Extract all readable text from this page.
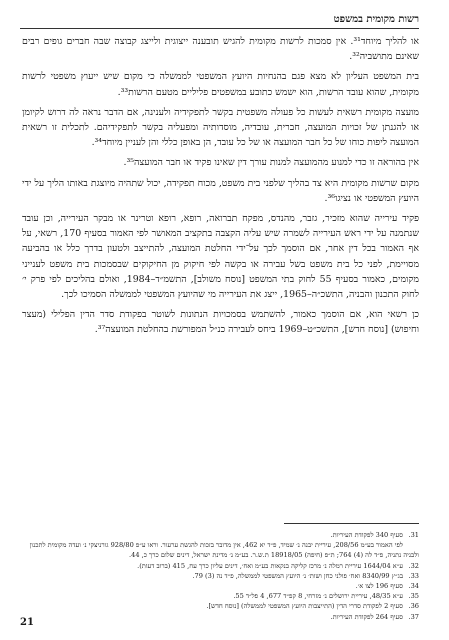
רשות מקומית במשפט

או להליך מיוחד³¹. אין סמכות לרשות מקומית להגיש תובענה ייצוגית ולייצג קבוצה שבה חברים גופים רבים שאינם מתושביה³².

בית המשפט העליון לא מצא פגם בהנחיות היועץ המשפטי לממשלה כי מקום שיש ייעוץ משפטי לרשות מקומית, שהוא עובד הרשות, הוא ישמש כתובע במשפטים פליליים מטעם הרשות³³.

מועצה מקומית רשאית לעשות כל פעולה משפטית בקשר לתפקידיה ולענינה, אם הדבר נראה לה דרוש לקיומן או להגנתן של זכויות המועצה, חברית, עובדיה, מוסדותיה ומפעליה בקשר לתפקידיהם. לתכלית זו רשאית המועצה ליפות כוחו של כל חבר המועצה או של כל עובד, הן באופן כללי והן לעניין מיוחד³⁴.

אין בהוראה זו כדי למנוע מהמועצה למנות עורך דין שאינו פקיד או חבר המועצה³⁵.

מקום שרשות מקומית היא צד בהליך שלפני בית משפט, מכוח תפקידה, יכול שתהיה מיוצגת באותו הליך על ידי היועץ המשפטי או נציגו³⁶.

פקיד עירייה שהוא מזכיר, גזבר, מהנדס, מפקח תברואה, רופא, רופא וטרינר או מבקר העירייה, וכן עובד שנתמנה על ידי ראש העירייה לשמרה שיש עליה הקצבה בתקציב המאושר לפי האמור בסעיף 170, רשאי, על אף האמור בכל דין אחר, אם הוסמך לכך על־ידי החלטת המועצה, להתייצב ולטעון בדרך כלל או בהביעה מסויימת, לפני כל בית משפט בשל עבירה או בקשה לפי חיקוק מן החיקוקים שבסמכות בית משפט לענייני מקומים, כאמור בסעיף 55 לחוק בתי המשפט [נוסח משולב], התשמ״ד–1984, ואולם בהליכים לפי פרק י׳ לחוק התכנון והבניה, התשכ״ה–1965, ייצג את העירייה מי שהיועץ המשפטי לממשלה הסמיכו לכך.

כן רשאי הוא, אם הוסמך כאמור, להשתמש בסמכויות הנתונות לשוטר בפקודת סדר הדין הפלילי (מעצר וחיפוש) [נוסח חדש], התשכ״ט–1969 ביחס לעבירה כנ״ל המפורשת בהחלטת המועצה³⁷.

31.סעיף 340 לפקודת העיריות.

לפי האמור בע״מ 208/56, עיריית יבנה נ׳ שמיד, פ״ד יא 462, אין מדובר בזכות להגשת ערעור. וראו ע״פ 928/80 גורניצקי נ׳ ועדה מקומית לתכנון ולבניה נתניה, פ״ד לה (4) 764; ת״פ (חיפה) 18918/05 ת.ש.ר. בע״מ נ׳ מדינת ישראל, דינים שלום כרך כ, 44.

32.ע״א 1644/04 עיריית רמלה נ׳ מרכז קליקה בנקאות בע״מ ואח׳, דינים עליון כרך עח, 415 (ברוב דעות).

33.בג״ץ 8340/99 ואח׳ פולני כחן ושות׳ נ׳ היועץ המשפטי לממשלה, פ״ד נה (3) 79.

34.סעיף 196 לצו א׳.

35.ע״א 48/35, עיריית ירושלים נ׳ מזרחי, 8 קפ״ד 677, 4 פל״ד 55.

36.סעיף 2 לפקודת סדרי הדין (התייצבות היועץ המשפטי לממשלה) [נוסח חדש].

37.סעיף 264 לפקודת העיריות.

21
